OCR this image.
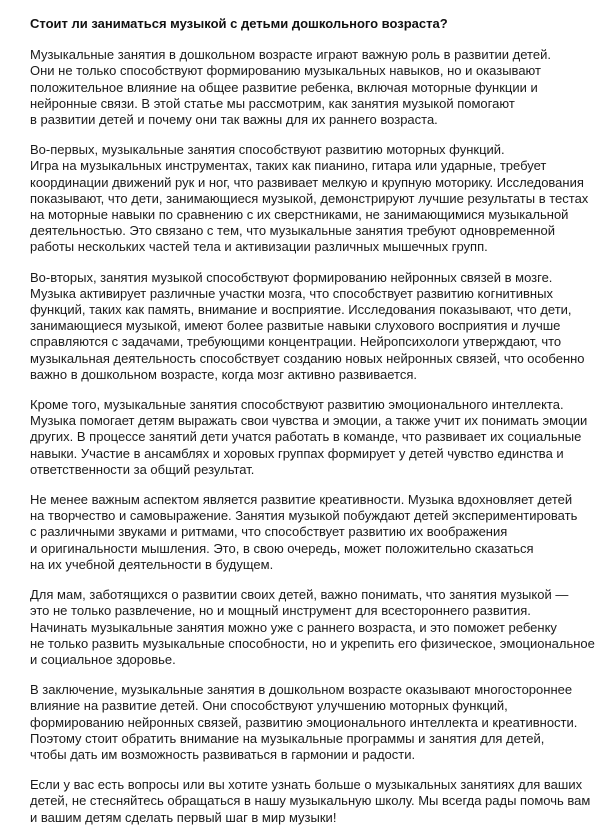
Стоит ли заниматься музыкой с детьми дошкольного возраста?
Музыкальные занятия в дошкольном возрасте играют важную роль в развитии детей.
Они не только способствуют формированию музыкальных навыков, но и оказывают
положительное влияние на общее развитие ребенка, включая моторные функции и
нейронные связи. В этой статье мы рассмотрим, как занятия музыкой помогают
в развитии детей и почему они так важны для их раннего возраста.
Во-первых, музыкальные занятия способствуют развитию моторных функций.
Игра на музыкальных инструментах, таких как пианино, гитара или ударные, требует
координации движений рук и ног, что развивает мелкую и крупную моторику. Исследования
показывают, что дети, занимающиеся музыкой, демонстрируют лучшие результаты в тестах
на моторные навыки по сравнению с их сверстниками, не занимающимися музыкальной
деятельностью. Это связано с тем, что музыкальные занятия требуют одновременной
работы нескольких частей тела и активизации различных мышечных групп.
Во-вторых, занятия музыкой способствуют формированию нейронных связей в мозге.
Музыка активирует различные участки мозга, что способствует развитию когнитивных
функций, таких как память, внимание и восприятие. Исследования показывают, что дети,
занимающиеся музыкой, имеют более развитые навыки слухового восприятия и лучше
справляются с задачами, требующими концентрации. Нейропсихологи утверждают, что
музыкальная деятельность способствует созданию новых нейронных связей, что особенно
важно в дошкольном возрасте, когда мозг активно развивается.
Кроме того, музыкальные занятия способствуют развитию эмоционального интеллекта.
Музыка помогает детям выражать свои чувства и эмоции, а также учит их понимать эмоции
других. В процессе занятий дети учатся работать в команде, что развивает их социальные
навыки. Участие в ансамблях и хоровых группах формирует у детей чувство единства и
ответственности за общий результат.
Не менее важным аспектом является развитие креативности. Музыка вдохновляет детей
на творчество и самовыражение. Занятия музыкой побуждают детей экспериментировать
с различными звуками и ритмами, что способствует развитию их воображения
и оригинальности мышления. Это, в свою очередь, может положительно сказаться
на их учебной деятельности в будущем.
Для мам, заботящихся о развитии своих детей, важно понимать, что занятия музыкой —
это не только развлечение, но и мощный инструмент для всестороннего развития.
Начинать музыкальные занятия можно уже с раннего возраста, и это поможет ребенку
не только развить музыкальные способности, но и укрепить его физическое, эмоциональное
и социальное здоровье.
В заключение, музыкальные занятия в дошкольном возрасте оказывают многостороннее
влияние на развитие детей. Они способствуют улучшению моторных функций,
формированию нейронных связей, развитию эмоционального интеллекта и креативности.
Поэтому стоит обратить внимание на музыкальные программы и занятия для детей,
чтобы дать им возможность развиваться в гармонии и радости.
Если у вас есть вопросы или вы хотите узнать больше о музыкальных занятиях для ваших
детей, не стесняйтесь обращаться в нашу музыкальную школу. Мы всегда рады помочь вам
и вашим детям сделать первый шаг в мир музыки!
